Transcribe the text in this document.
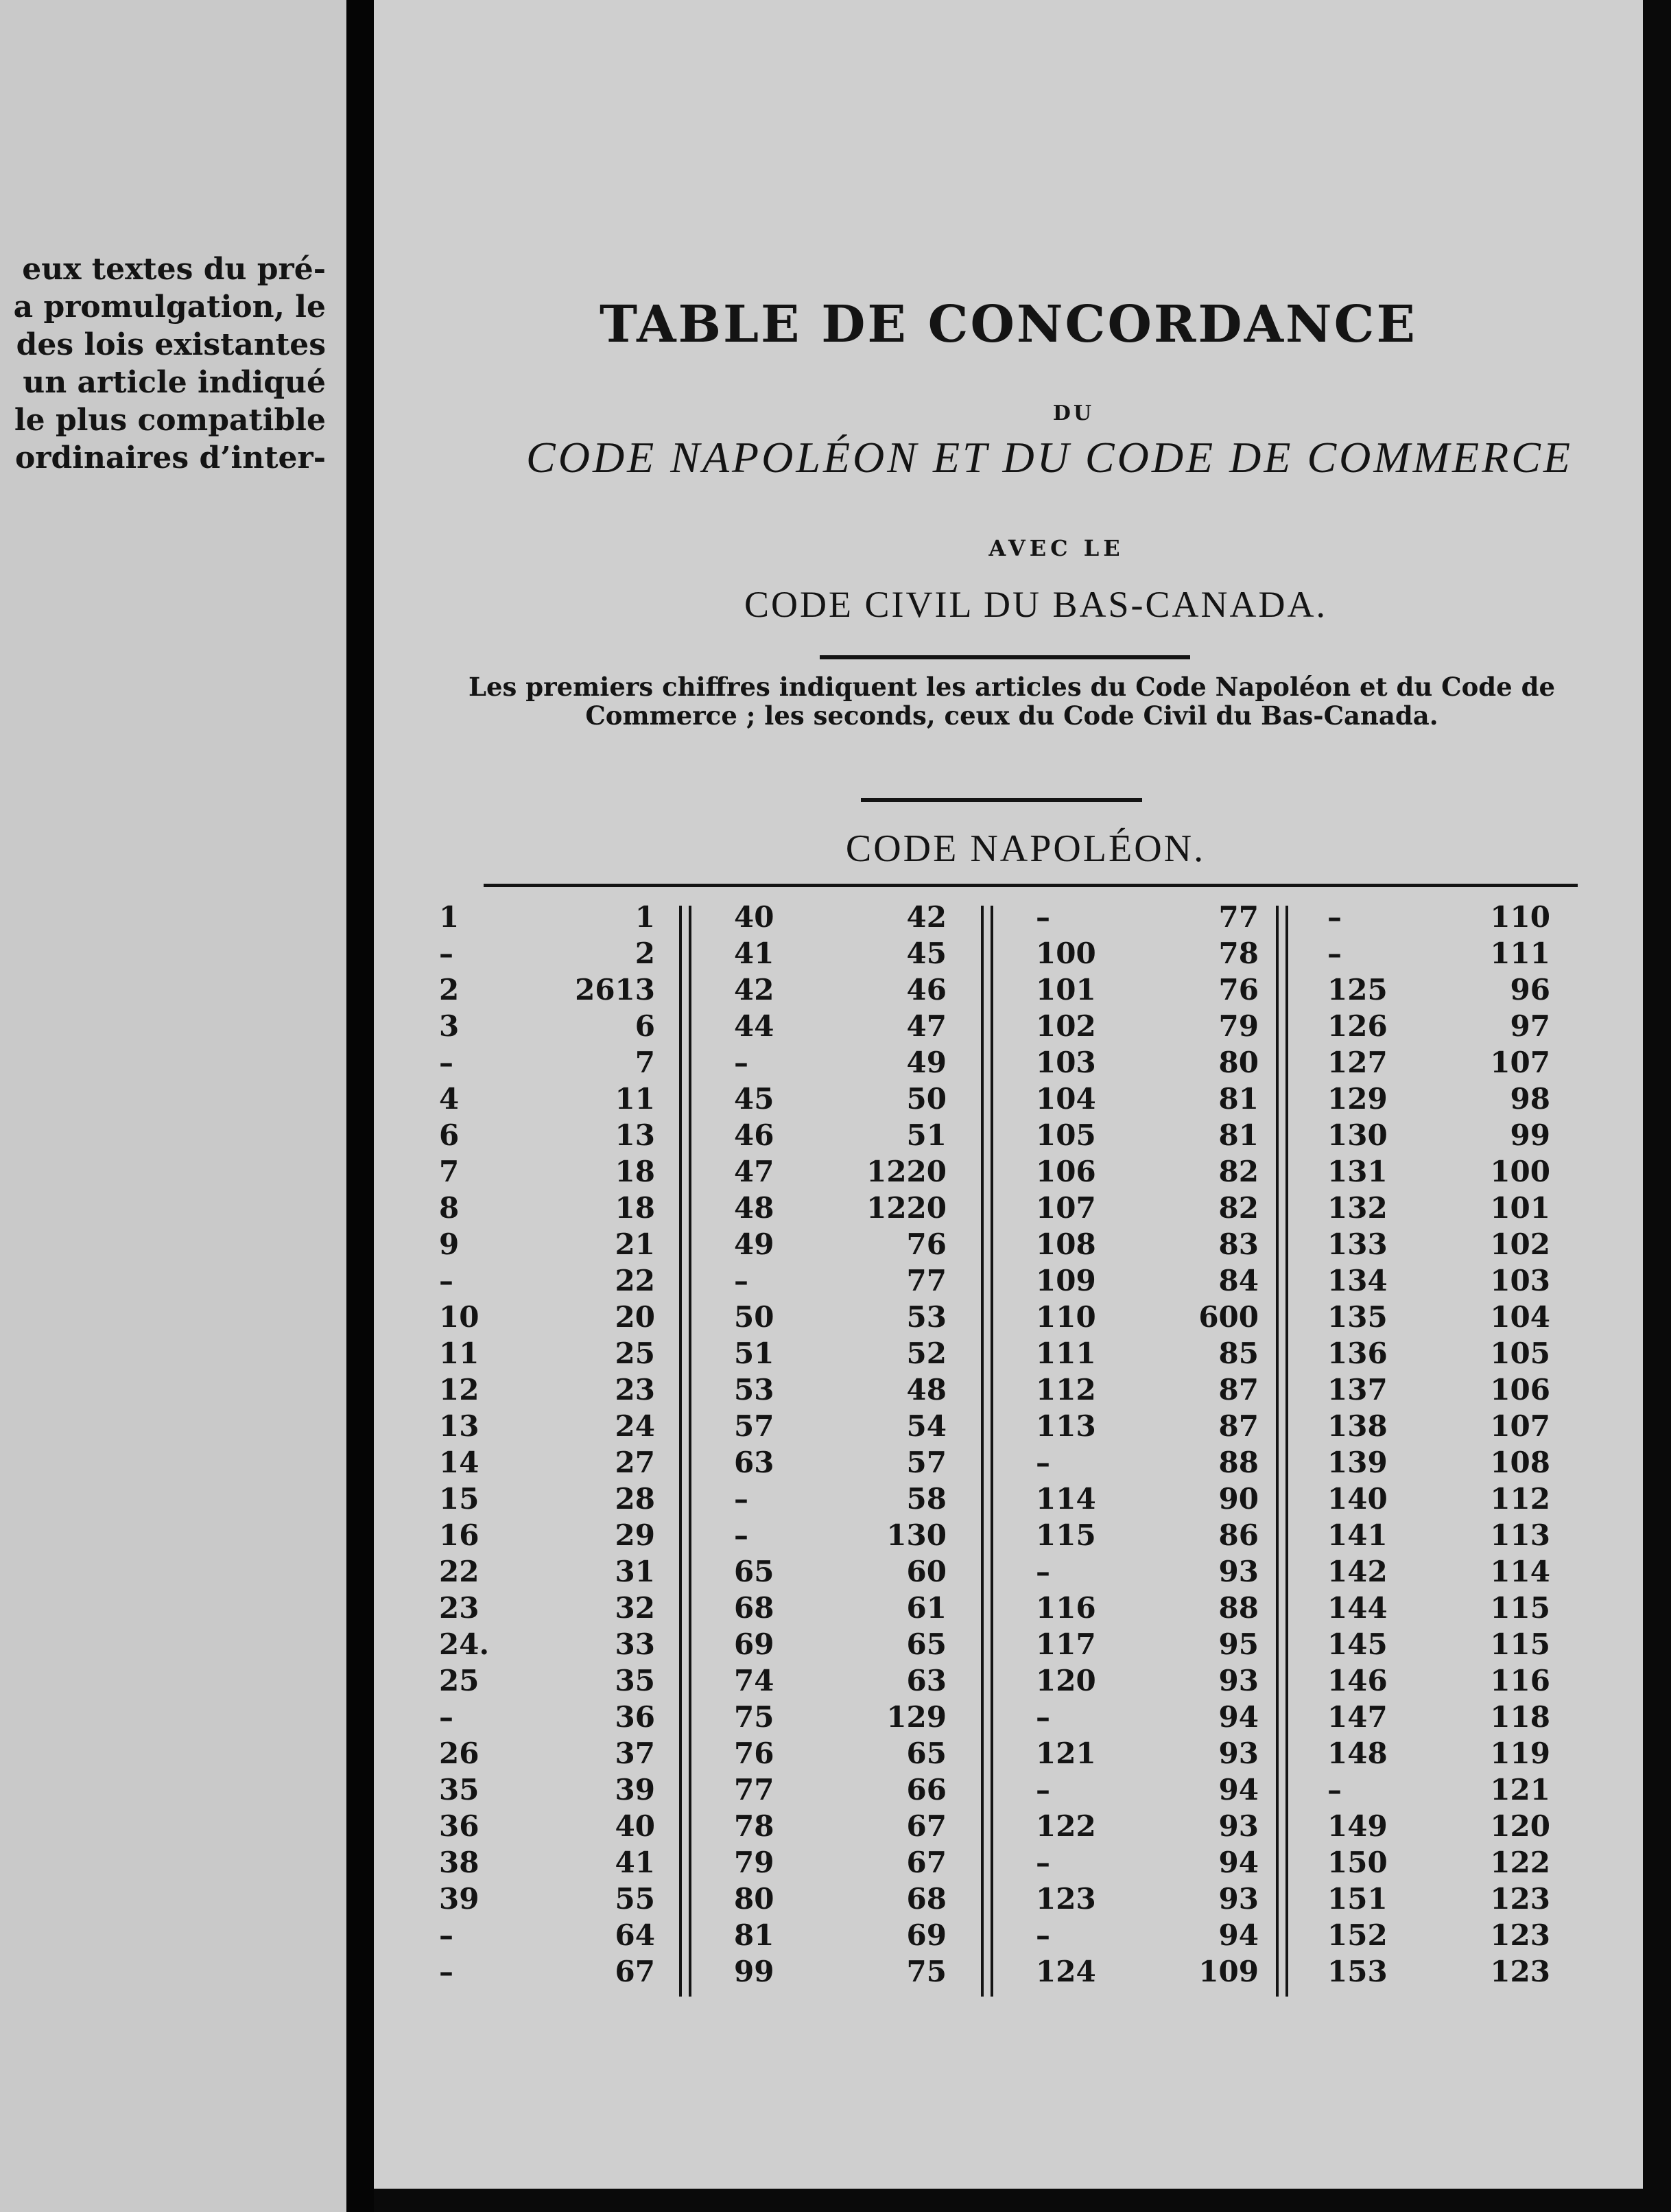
eux textes du pré-
a promulgation, le
des lois existantes
un article indiqué
le plus compatible
ordinaires d’inter-
TABLE DE CONCORDANCE
DU
CODE NAPOLÉON ET DU CODE DE COMMERCE
AVEC LE
CODE CIVIL DU BAS-CANADA.
Les premiers chiffres indiquent les articles du Code Napoléon et du Code de Commerce ; les seconds, ceux du Code Civil du Bas-Canada.
CODE NAPOLÉON.
1
–
2
3
–
4
6
7
8
9
–
10
11
12
13
14
15
16
22
23
24.
25
–
26
35
36
38
39
–
–
1
2
2613
6
7
11
13
18
18
21
22
20
25
23
24
27
28
29
31
32
33
35
36
37
39
40
41
55
64
67
40
41
42
44
–
45
46
47
48
49
–
50
51
53
57
63
–
–
65
68
69
74
75
76
77
78
79
80
81
99
42
45
46
47
49
50
51
1220
1220
76
77
53
52
48
54
57
58
130
60
61
65
63
129
65
66
67
67
68
69
75
–
100
101
102
103
104
105
106
107
108
109
110
111
112
113
–
114
115
–
116
117
120
–
121
–
122
–
123
–
124
77
78
76
79
80
81
81
82
82
83
84
600
85
87
87
88
90
86
93
88
95
93
94
93
94
93
94
93
94
109
–
–
125
126
127
129
130
131
132
133
134
135
136
137
138
139
140
141
142
144
145
146
147
148
–
149
150
151
152
153
110
111
96
97
107
98
99
100
101
102
103
104
105
106
107
108
112
113
114
115
115
116
118
119
121
120
122
123
123
123
